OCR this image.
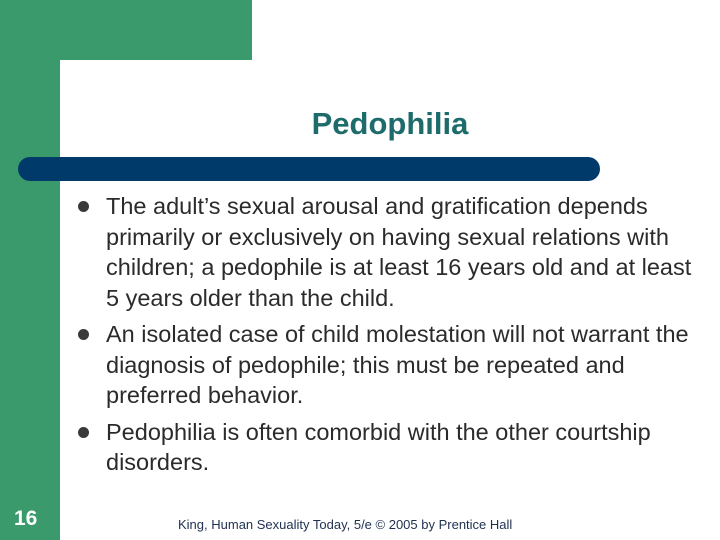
Pedophilia
The adult’s sexual arousal and gratification depends primarily or exclusively on having sexual relations with children; a pedophile is at least 16 years old and at least 5 years older than the child.
An isolated case of child molestation will not warrant the diagnosis of pedophile; this must be repeated and preferred behavior.
Pedophilia is often comorbid with the other courtship disorders.
16	King, Human Sexuality Today, 5/e © 2005 by Prentice Hall
